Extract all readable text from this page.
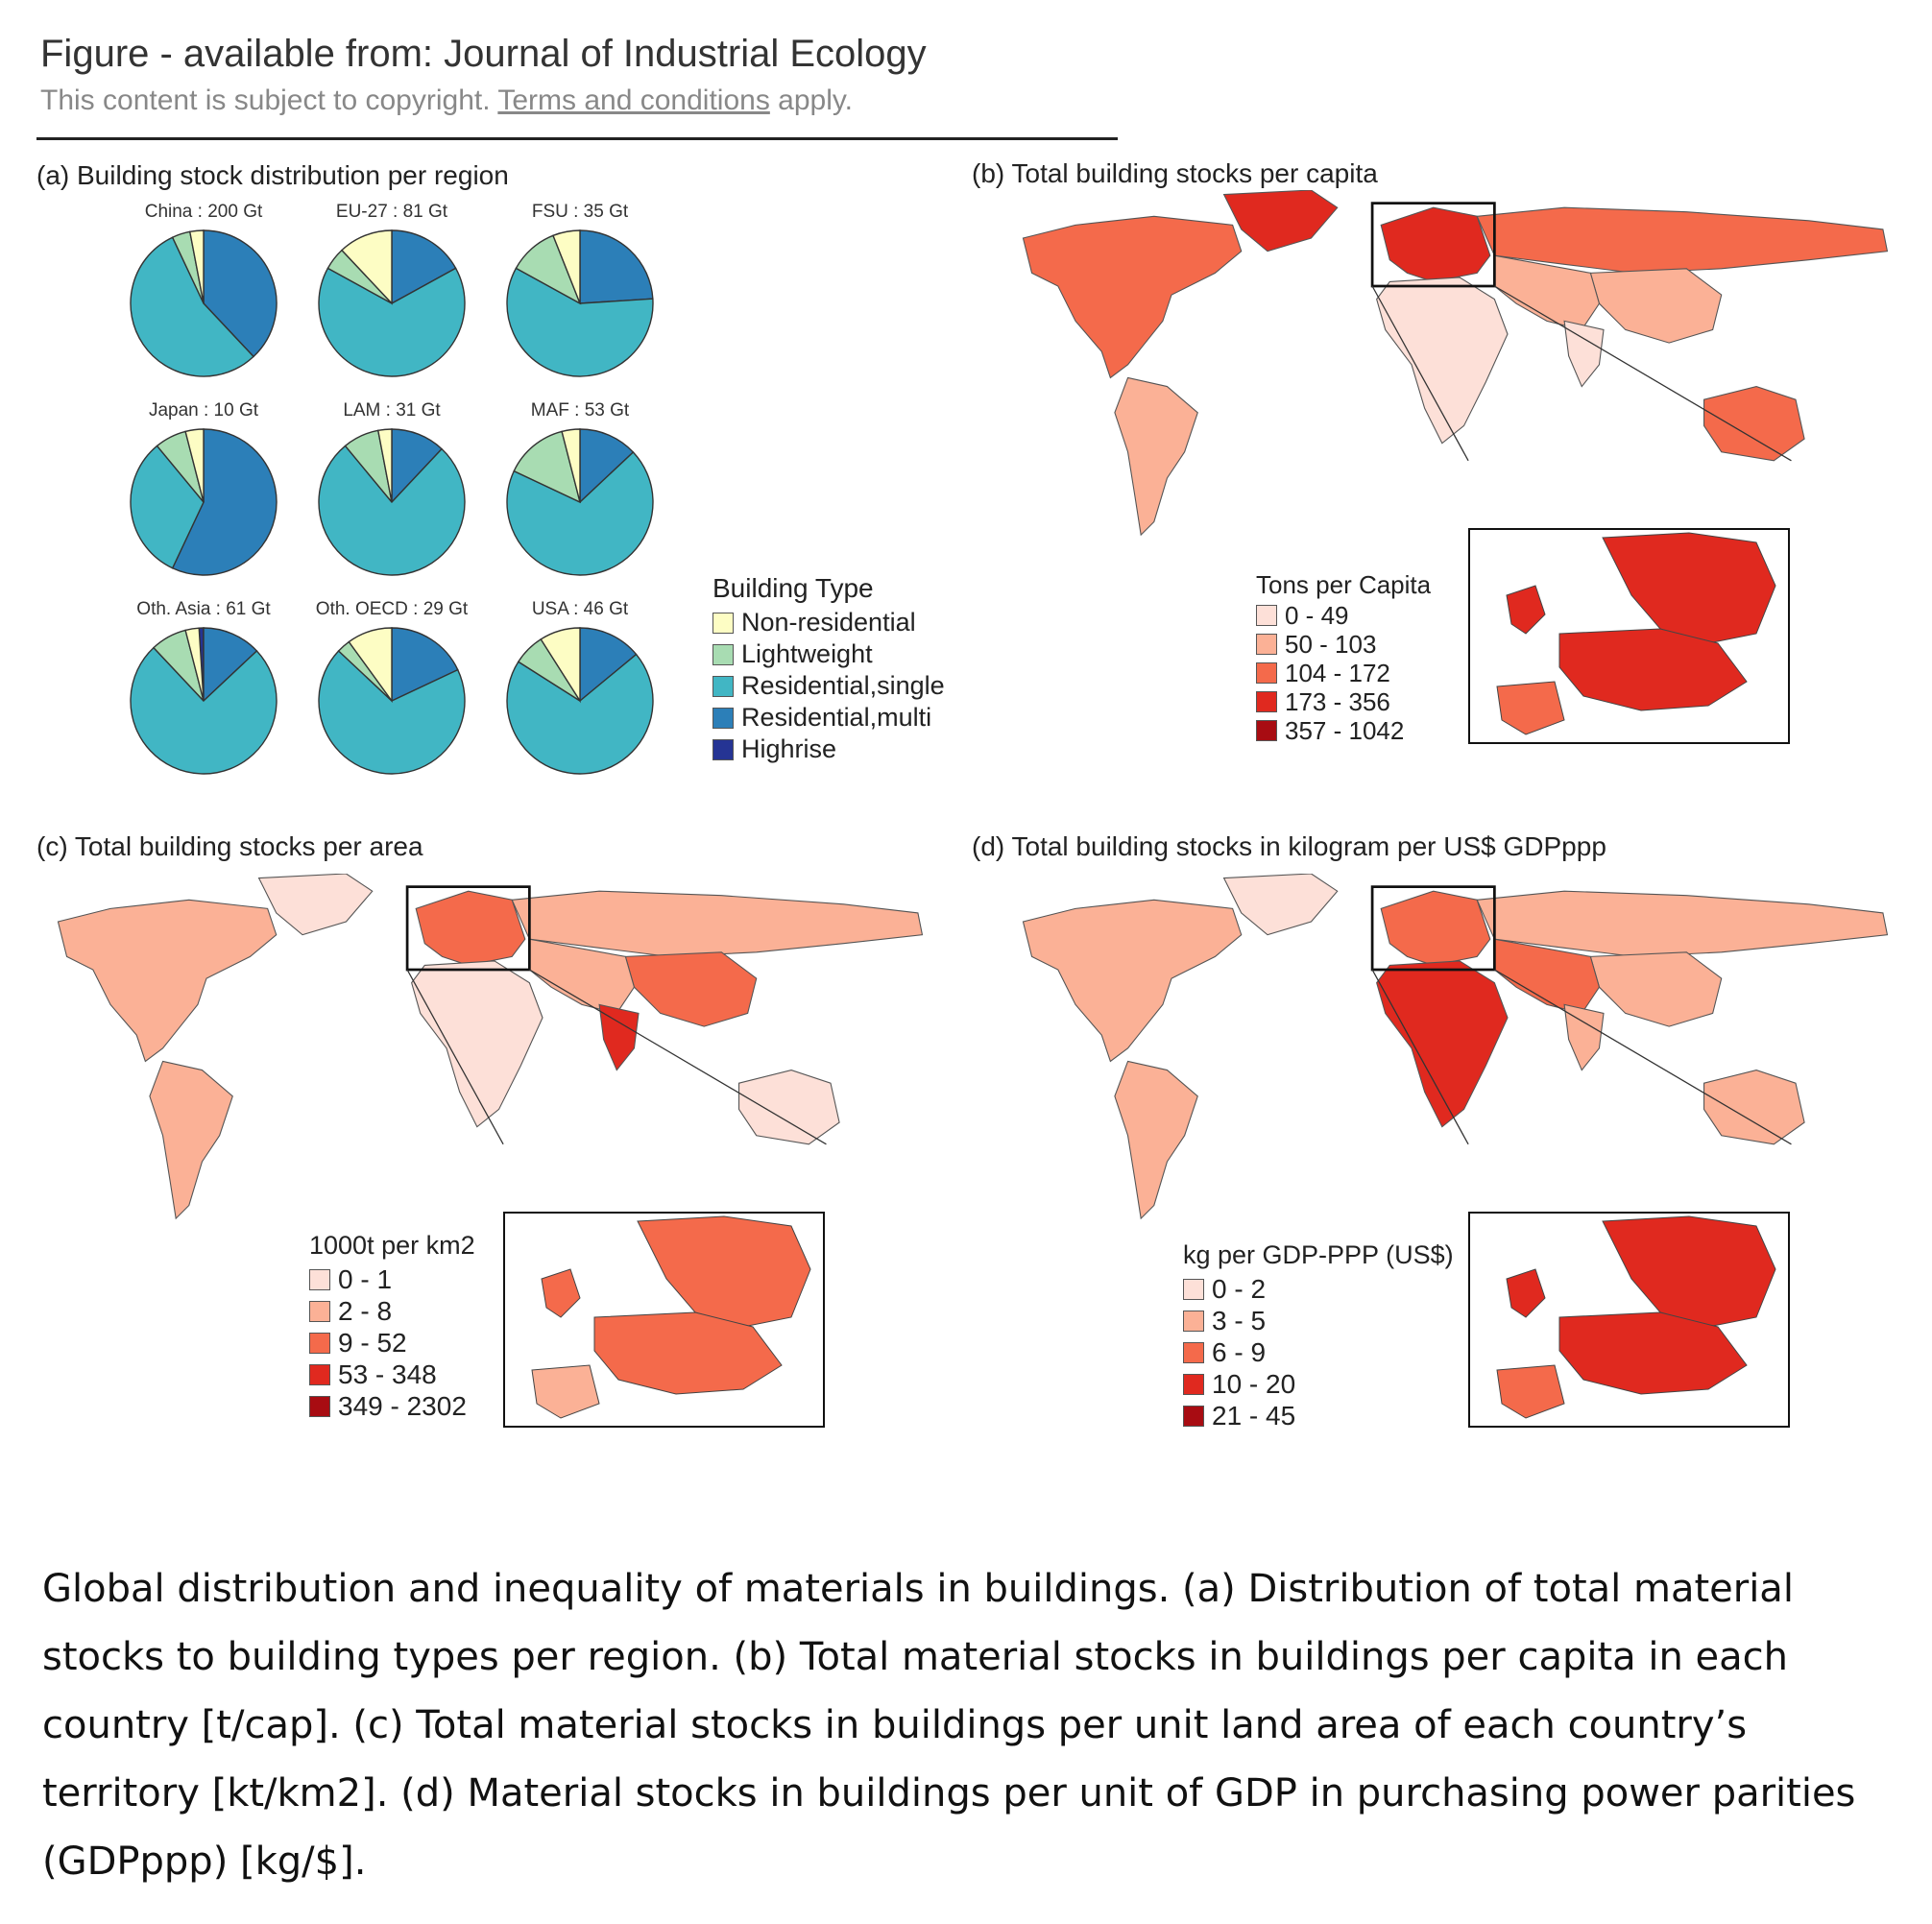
Figure - available from: Journal of Industrial Ecology
This content is subject to copyright. Terms and conditions apply.
(a) Building stock distribution per region
China : 200 Gt	EU-27 : 81 Gt	FSU : 35 Gt
Japan : 10 Gt	LAM : 31 Gt	MAF : 53 Gt
Oth. Asia : 61 Gt	Oth. OECD : 29 Gt	USA : 46 Gt
Building Type
Non-residential
Lightweight
Residential,single
Residential,multi
Highrise
(b) Total building stocks per capita
Tons per Capita
0 - 49
50 - 103
104 - 172
173 - 356
357 - 1042
(c) Total building stocks per area
1000t per km2
0 - 1
2 - 8
9 - 52
53 - 348
349 - 2302
(d) Total building stocks in kilogram per US$ GDPppp
kg per GDP-PPP (US$)
0 - 2
3 - 5
6 - 9
10 - 20
21 - 45
Global distribution and inequality of materials in buildings. (a) Distribution of total material stocks to building types per region. (b) Total material stocks in buildings per capita in each country [t/cap]. (c) Total material stocks in buildings per unit land area of each country’s territory [kt/km2]. (d) Material stocks in buildings per unit of GDP in purchasing power parities (GDPppp) [kg/$].
